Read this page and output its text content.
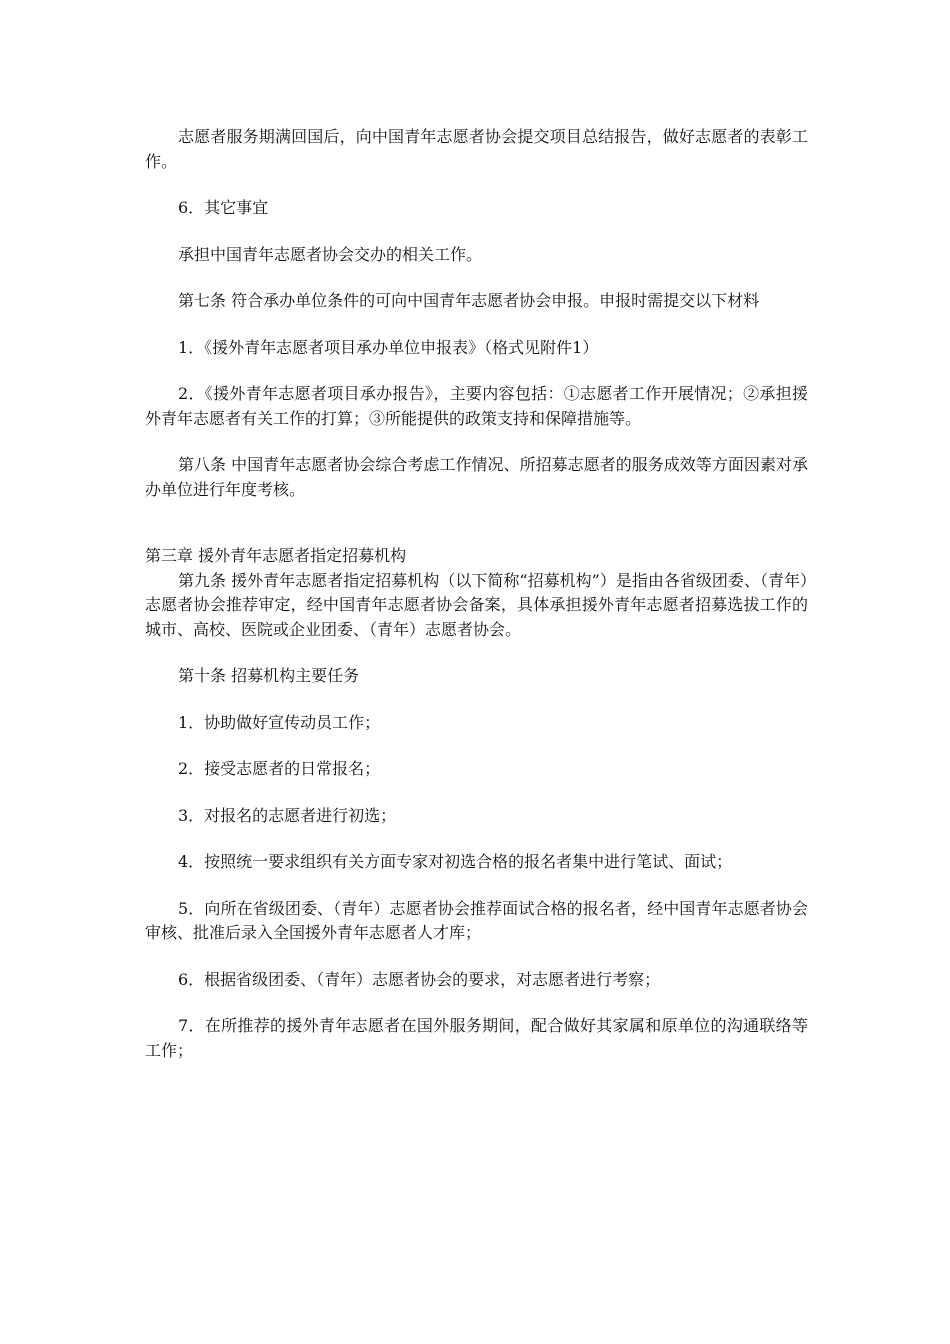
志愿者服务期满回国后，向中国青年志愿者协会提交项目总结报告，做好志愿者的表彰工作。

6．其它事宜

承担中国青年志愿者协会交办的相关工作。

第七条 符合承办单位条件的可向中国青年志愿者协会申报。申报时需提交以下材料

1．《援外青年志愿者项目承办单位申报表》（格式见附件1）

2．《援外青年志愿者项目承办报告》，主要内容包括：①志愿者工作开展情况；②承担援外青年志愿者有关工作的打算；③所能提供的政策支持和保障措施等。

第八条 中国青年志愿者协会综合考虑工作情况、所招募志愿者的服务成效等方面因素对承办单位进行年度考核。

第三章 援外青年志愿者指定招募机构

第九条 援外青年志愿者指定招募机构（以下简称“招募机构”）是指由各省级团委、（青年）志愿者协会推荐审定，经中国青年志愿者协会备案，具体承担援外青年志愿者招募选拔工作的城市、高校、医院或企业团委、（青年）志愿者协会。

第十条 招募机构主要任务

1．协助做好宣传动员工作；

2．接受志愿者的日常报名；

3．对报名的志愿者进行初选；

4．按照统一要求组织有关方面专家对初选合格的报名者集中进行笔试、面试；

5．向所在省级团委、（青年）志愿者协会推荐面试合格的报名者，经中国青年志愿者协会审核、批准后录入全国援外青年志愿者人才库；

6．根据省级团委、（青年）志愿者协会的要求，对志愿者进行考察；

7．在所推荐的援外青年志愿者在国外服务期间，配合做好其家属和原单位的沟通联络等工作；
